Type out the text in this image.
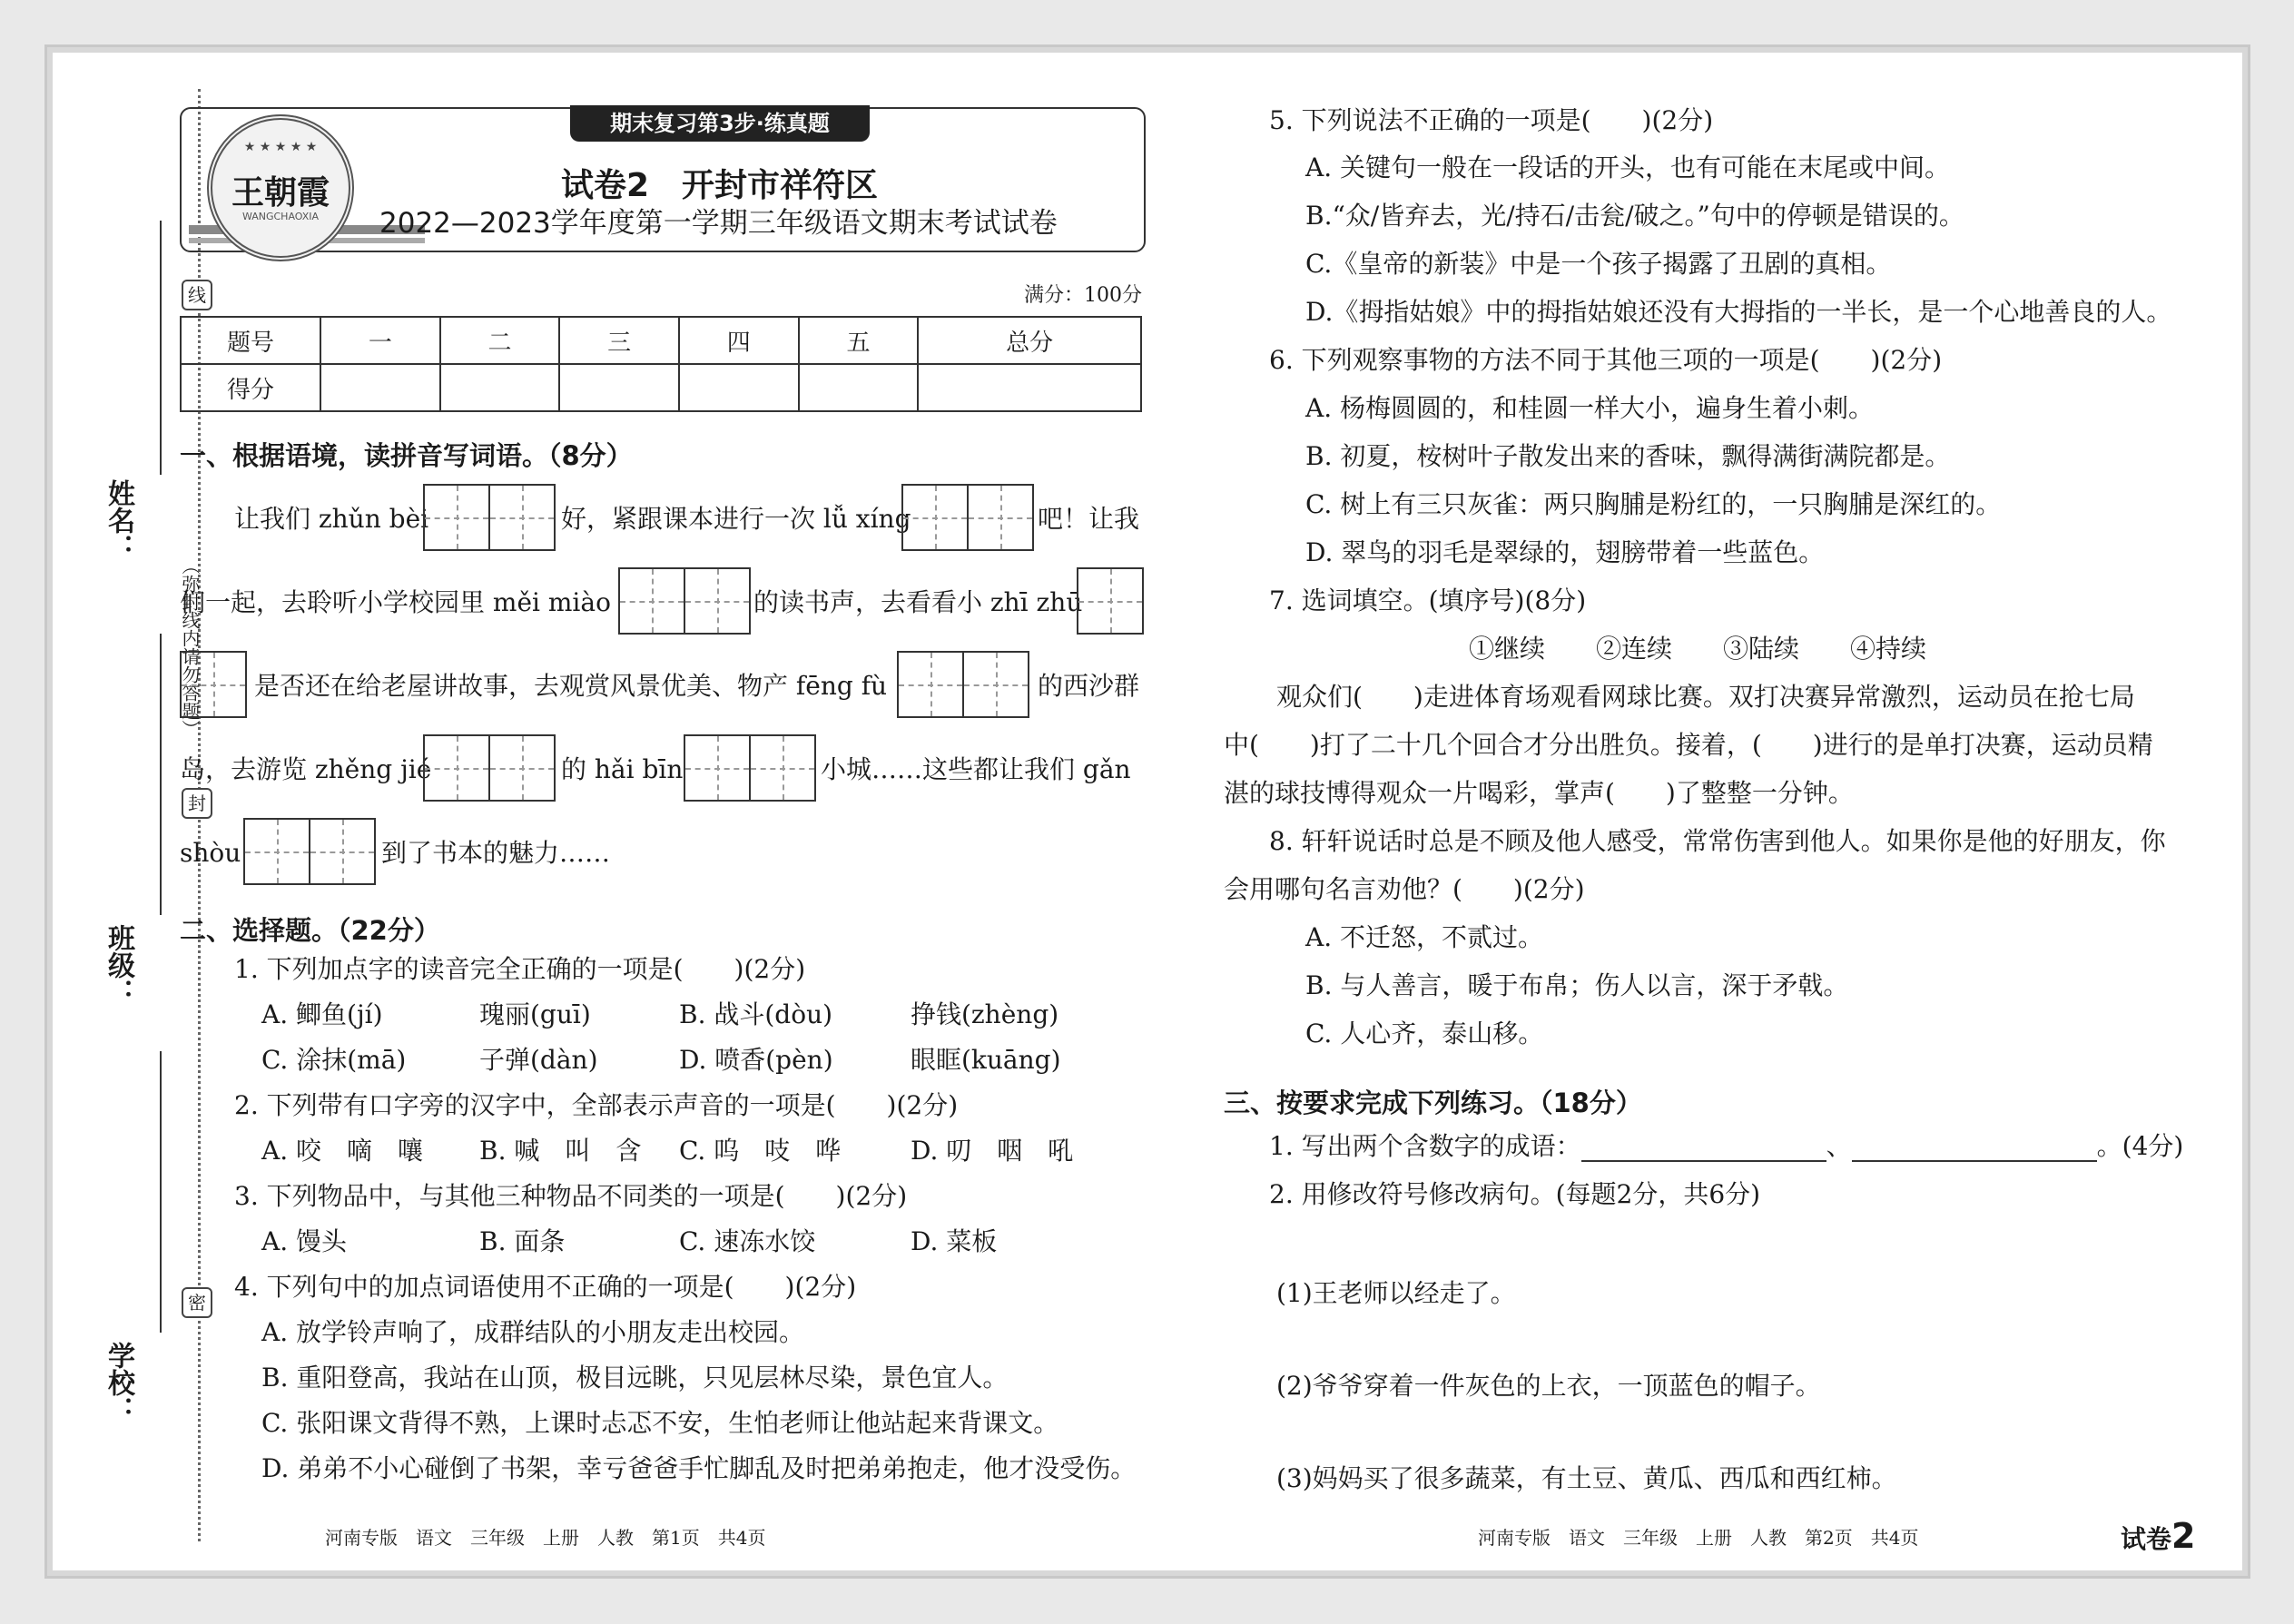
姓名：
班级：
学校：
线
封
密
（弥封线内请勿答题）
★ ★ ★ ★ ★
王朝霞
WANGCHAOXIA
期末复习第3步·练真题
试卷2　开封市祥符区
2022—2023学年度第一学期三年级语文期末考试试卷
满分：100分
题号	一	二	三	四	五	总分
得分						
一、根据语境，读拼音写词语。（8分）
让我们 zhǔn bèi	好，紧跟课本进行一次 lǚ xíng	吧！让我
们一起，去聆听小学校园里 měi miào	的读书声，去看看小 zhī zhū
是否还在给老屋讲故事，去观赏风景优美、物产 fēng fù	的西沙群
岛，去游览 zhěng jié	的 hǎi bīn	小城……这些都让我们 gǎn
shòu	到了书本的魅力……
二、选择题。（22分）
1. 下列加点字的读音完全正确的一项是(　　)(2分)
A. 鲫鱼(jí)	瑰丽(guī)	B. 战斗(dòu)	挣钱(zhèng)
C. 涂抹(mā)	子弹(dàn)	D. 喷香(pèn)	眼眶(kuāng)
2. 下列带有口字旁的汉字中，全部表示声音的一项是(　　)(2分)
A. 咬　嘀　嚷 B. 喊　叫　含 C. 呜　吱　哗	D. 叨　咽　吼
3. 下列物品中，与其他三种物品不同类的一项是(　　)(2分)
A. 馒头	B. 面条	C. 速冻水饺	D. 菜板
4. 下列句中的加点词语使用不正确的一项是(　　)(2分)
A. 放学铃声响了，成群结队的小朋友走出校园。
B. 重阳登高，我站在山顶，极目远眺，只见层林尽染，景色宜人。
C. 张阳课文背得不熟，上课时忐忑不安，生怕老师让他站起来背课文。
D. 弟弟不小心碰倒了书架，幸亏爸爸手忙脚乱及时把弟弟抱走，他才没受伤。
河南专版　语文　三年级　上册　人教　第1页　共4页
5. 下列说法不正确的一项是(　　)(2分)
A. 关键句一般在一段话的开头，也有可能在末尾或中间。
B.“众/皆弃去，光/持石/击瓮/破之。”句中的停顿是错误的。
C.《皇帝的新装》中是一个孩子揭露了丑剧的真相。
D.《拇指姑娘》中的拇指姑娘还没有大拇指的一半长，是一个心地善良的人。
6. 下列观察事物的方法不同于其他三项的一项是(　　)(2分)
A. 杨梅圆圆的，和桂圆一样大小，遍身生着小刺。
B. 初夏，桉树叶子散发出来的香味，飘得满街满院都是。
C. 树上有三只灰雀：两只胸脯是粉红的，一只胸脯是深红的。
D. 翠鸟的羽毛是翠绿的，翅膀带着一些蓝色。
7. 选词填空。(填序号)(8分)
①继续　　②连续　　③陆续　　④持续
观众们(　　)走进体育场观看网球比赛。双打决赛异常激烈，运动员在抢七局
中(　　)打了二十几个回合才分出胜负。接着，(　　)进行的是单打决赛，运动员精
湛的球技博得观众一片喝彩，掌声(　　)了整整一分钟。
8. 轩轩说话时总是不顾及他人感受，常常伤害到他人。如果你是他的好朋友，你
会用哪句名言劝他？(　　)(2分)
A. 不迁怒，不贰过。
B. 与人善言，暖于布帛；伤人以言，深于矛戟。
C. 人心齐，泰山移。
三、按要求完成下列练习。（18分）
1. 写出两个含数字的成语：	、	。(4分)
2. 用修改符号修改病句。(每题2分，共6分)
(1)王老师以经走了。
(2)爷爷穿着一件灰色的上衣，一顶蓝色的帽子。
(3)妈妈买了很多蔬菜，有土豆、黄瓜、西瓜和西红柿。
河南专版　语文　三年级　上册　人教　第2页　共4页	试卷2
